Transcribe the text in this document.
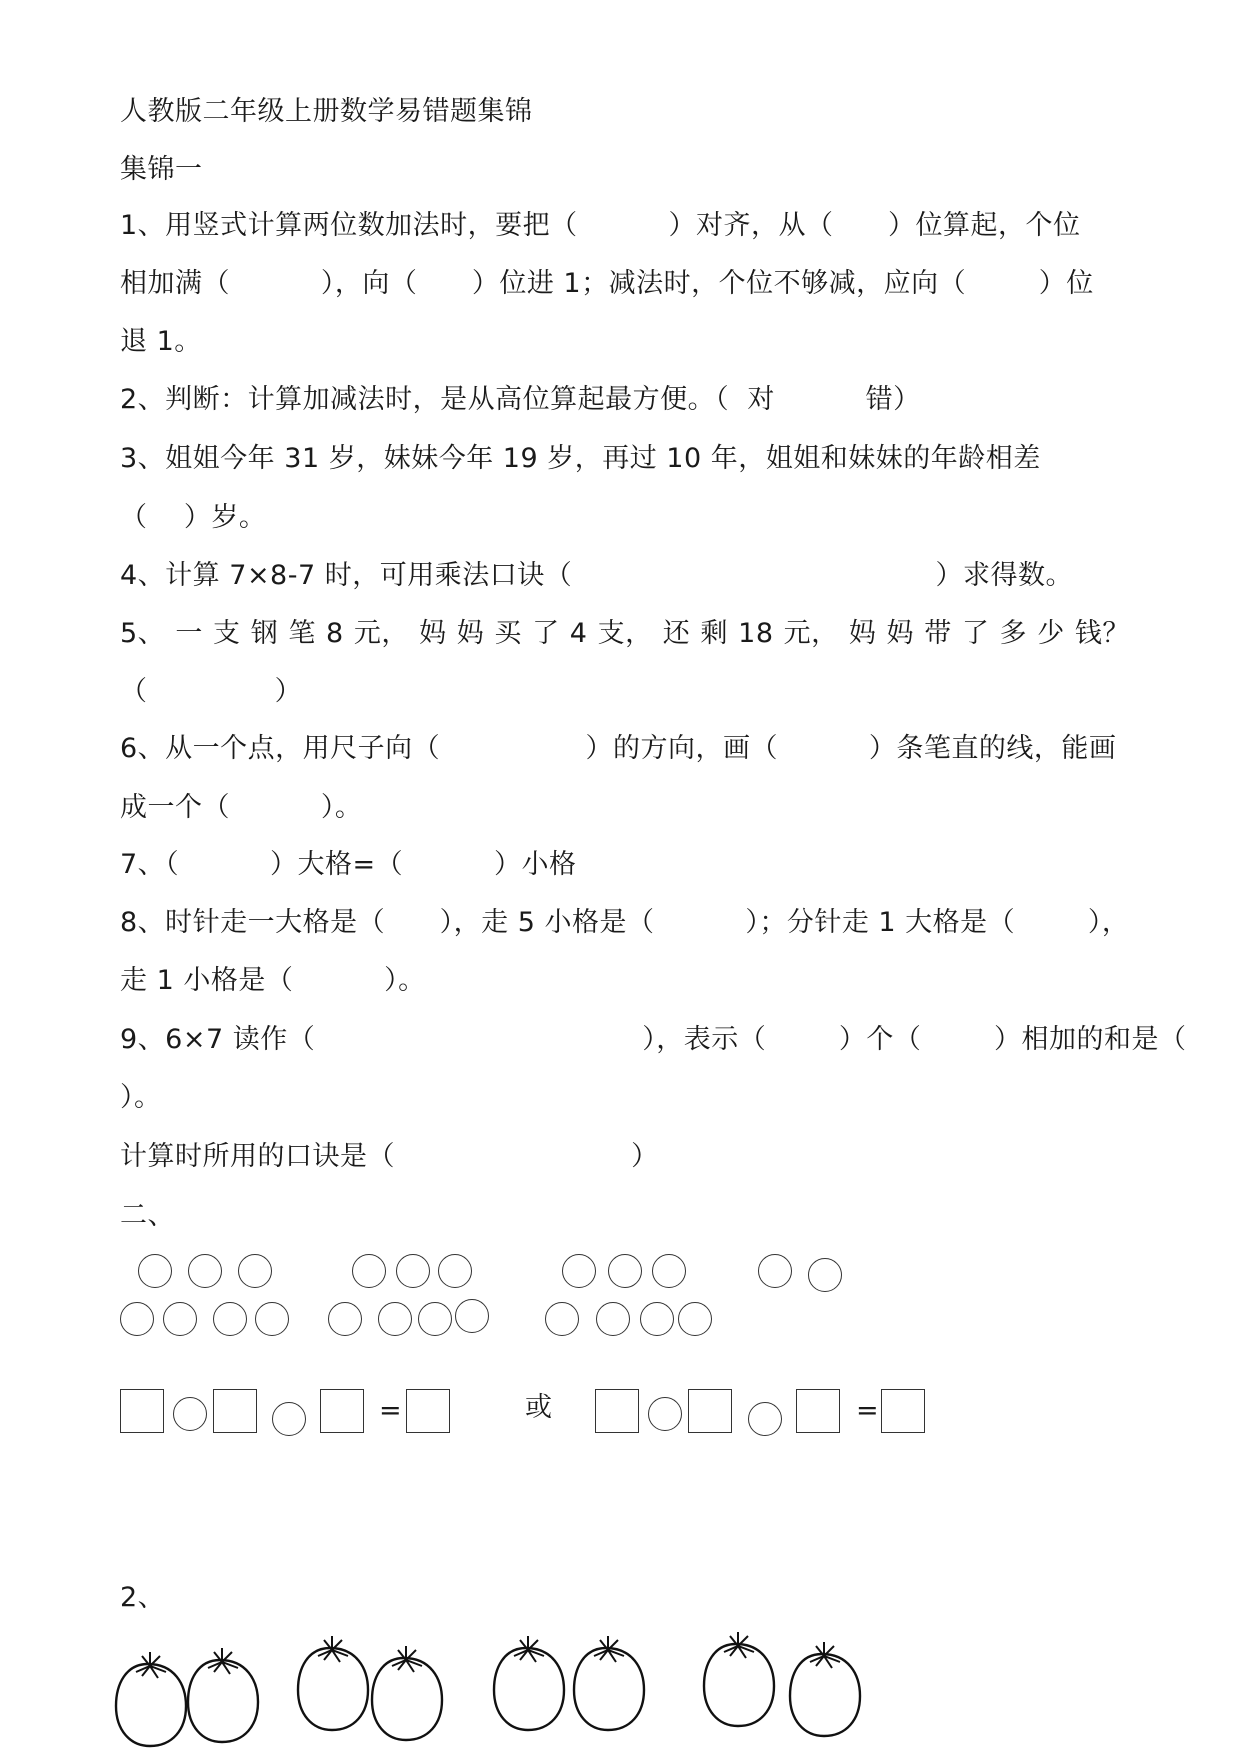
人教版二年级上册数学易错题集锦
集锦一
1、用竖式计算两位数加法时，要把（          ）对齐，从（      ）位算起，个位
相加满（          ），向（      ）位进 1；减法时，个位不够减，应向（        ）位
退 1。
2、判断：计算加减法时，是从高位算起最方便。（  对          错）
3、姐姐今年 31 岁，妹妹今年 19 岁，再过 10 年，姐姐和妹妹的年龄相差
（    ）岁。
4、计算 7×8-7 时，可用乘法口诀（                                        ）求得数。
5、 一 支 钢 笔 8 元， 妈 妈 买 了 4 支， 还 剩 18 元， 妈 妈 带 了 多 少 钱？
（              ）
6、从一个点，用尺子向（                ）的方向，画（          ）条笔直的线，能画
成一个（          ）。
7、（          ）大格=（          ）小格
8、时针走一大格是（      ），走 5 小格是（          ）；分针走 1 大格是（        ），
走 1 小格是（          ）。
9、6×7 读作（                                    ），表示（        ）个（        ）相加的和是（
）。
计算时所用的口诀是（                          ）
二、
=	或	=
2、
